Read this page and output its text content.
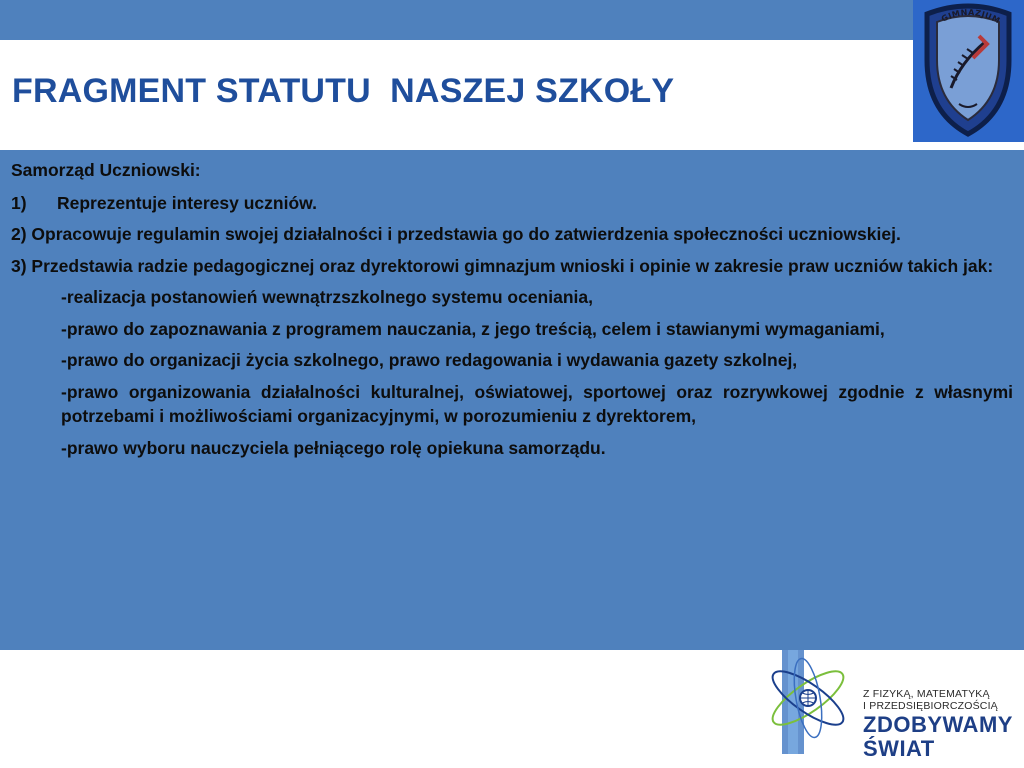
FRAGMENT STATUTU  NASZEJ SZKOŁY
GIMNAZJUM

Samorząd Uczniowski:

1) Reprezentuje interesy uczniów.

2) Opracowuje regulamin swojej działalności i przedstawia go do zatwierdzenia społeczności uczniowskiej.

3) Przedstawia radzie pedagogicznej oraz dyrektorowi gimnazjum wnioski i opinie w zakresie praw uczniów takich jak:

-realizacja postanowień wewnątrzszkolnego systemu oceniania,
-prawo do zapoznawania z programem nauczania, z jego treścią, celem i stawianymi wymaganiami,
-prawo do organizacji życia szkolnego, prawo redagowania i wydawania gazety szkolnej,
-prawo organizowania działalności kulturalnej, oświatowej, sportowej oraz rozrywkowej zgodnie z własnymi potrzebami i możliwościami organizacyjnymi, w porozumieniu z dyrektorem,
-prawo wyboru nauczyciela pełniącego rolę opiekuna samorządu.
Z FIZYKĄ, MATEMATYKĄ
I PRZEDSIĘBIORCZOŚCIĄ
ZDOBYWAMY
ŚWIAT
